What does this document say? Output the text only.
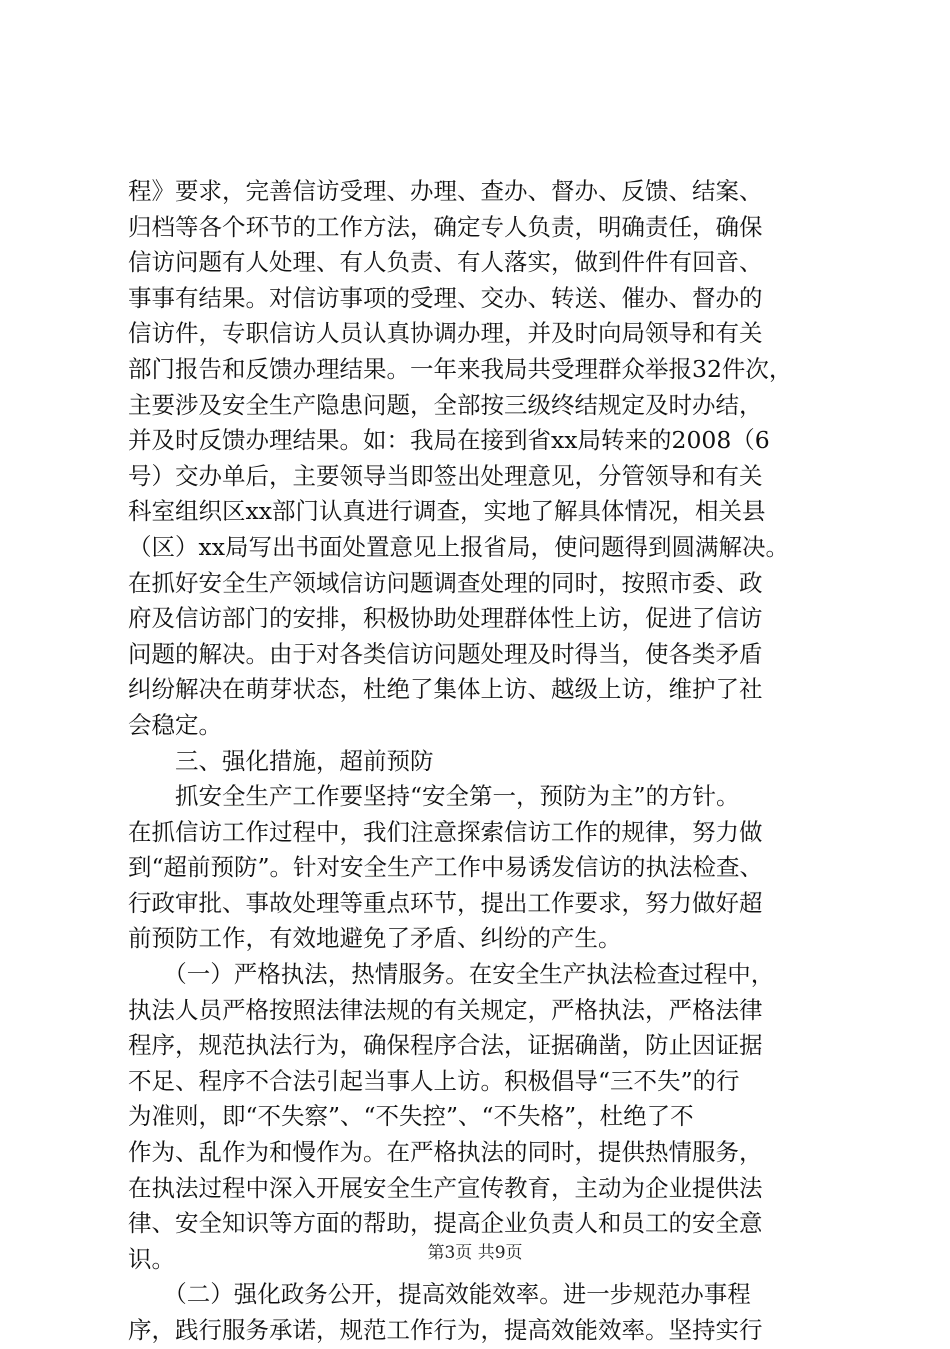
程》要求，完善信访受理、办理、查办、督办、反馈、结案、
归档等各个环节的工作方法，确定专人负责，明确责任，确保
信访问题有人处理、有人负责、有人落实，做到件件有回音、
事事有结果。对信访事项的受理、交办、转送、催办、督办的
信访件，专职信访人员认真协调办理，并及时向局领导和有关
部门报告和反馈办理结果。一年来我局共受理群众举报32件次，
主要涉及安全生产隐患问题，全部按三级终结规定及时办结，
并及时反馈办理结果。如：我局在接到省xx局转来的2008（6
号）交办单后，主要领导当即签出处理意见，分管领导和有关
科室组织区xx部门认真进行调查，实地了解具体情况，相关县
（区）xx局写出书面处置意见上报省局，使问题得到圆满解决。
在抓好安全生产领域信访问题调查处理的同时，按照市委、政
府及信访部门的安排，积极协助处理群体性上访，促进了信访
问题的解决。由于对各类信访问题处理及时得当，使各类矛盾
纠纷解决在萌芽状态，杜绝了集体上访、越级上访，维护了社
会稳定。
　　三、强化措施，超前预防
　　抓安全生产工作要坚持“安全第一，预防为主”的方针。
在抓信访工作过程中，我们注意探索信访工作的规律，努力做
到“超前预防”。针对安全生产工作中易诱发信访的执法检查、
行政审批、事故处理等重点环节，提出工作要求，努力做好超
前预防工作，有效地避免了矛盾、纠纷的产生。
　　（一）严格执法，热情服务。在安全生产执法检查过程中，
执法人员严格按照法律法规的有关规定，严格执法，严格法律
程序，规范执法行为，确保程序合法，证据确凿，防止因证据
不足、程序不合法引起当事人上访。积极倡导“三不失”的行
为准则，即“不失察”、“不失控”、“不失格”，杜绝了不
作为、乱作为和慢作为。在严格执法的同时，提供热情服务，
在执法过程中深入开展安全生产宣传教育，主动为企业提供法
律、安全知识等方面的帮助，提高企业负责人和员工的安全意
识。
　　（二）强化政务公开，提高效能效率。进一步规范办事程
序，践行服务承诺，规范工作行为，提高效能效率。坚持实行
第3页 共9页
